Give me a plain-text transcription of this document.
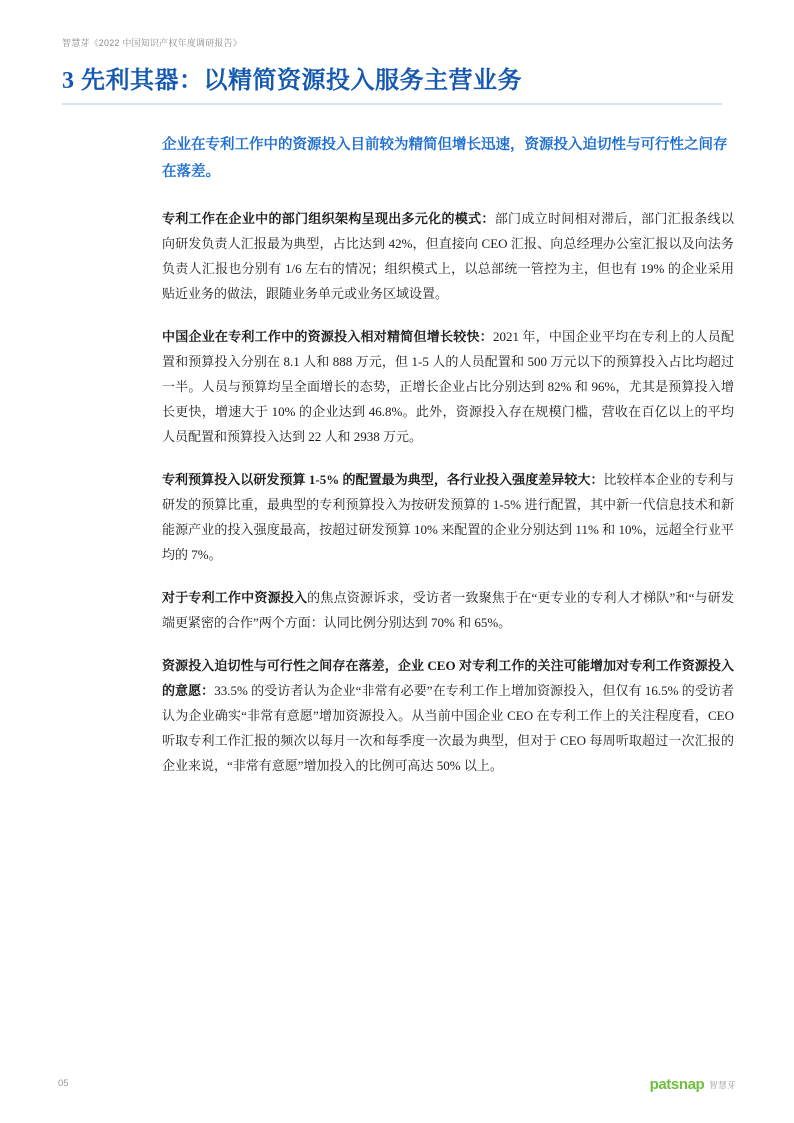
智慧芽《2022 中国知识产权年度调研报告》
3 先利其器：以精简资源投入服务主营业务
企业在专利工作中的资源投入目前较为精简但增长迅速，资源投入迫切性与可行性之间存在落差。

专利工作在企业中的部门组织架构呈现出多元化的模式：部门成立时间相对滞后，部门汇报条线以向研发负责人汇报最为典型，占比达到 42%，但直接向 CEO 汇报、向总经理办公室汇报以及向法务负责人汇报也分别有 1/6 左右的情况；组织模式上，以总部统一管控为主，但也有 19% 的企业采用贴近业务的做法，跟随业务单元或业务区域设置。

中国企业在专利工作中的资源投入相对精简但增长较快：2021 年，中国企业平均在专利上的人员配置和预算投入分别在 8.1 人和 888 万元，但 1-5 人的人员配置和 500 万元以下的预算投入占比均超过一半。人员与预算均呈全面增长的态势，正增长企业占比分别达到 82% 和 96%，尤其是预算投入增长更快，增速大于 10% 的企业达到 46.8%。此外，资源投入存在规模门槛，营收在百亿以上的平均人员配置和预算投入达到 22 人和 2938 万元。

专利预算投入以研发预算 1-5% 的配置最为典型，各行业投入强度差异较大：比较样本企业的专利与研发的预算比重，最典型的专利预算投入为按研发预算的 1-5% 进行配置，其中新一代信息技术和新能源产业的投入强度最高，按超过研发预算 10% 来配置的企业分别达到 11% 和 10%，远超全行业平均的 7%。

对于专利工作中资源投入的焦点资源诉求，受访者一致聚焦于在“更专业的专利人才梯队”和“与研发端更紧密的合作”两个方面：认同比例分别达到 70% 和 65%。

资源投入迫切性与可行性之间存在落差，企业 CEO 对专利工作的关注可能增加对专利工作资源投入的意愿：33.5% 的受访者认为企业“非常有必要”在专利工作上增加资源投入，但仅有 16.5% 的受访者认为企业确实“非常有意愿”增加资源投入。从当前中国企业 CEO 在专利工作上的关注程度看，CEO 听取专利工作汇报的频次以每月一次和每季度一次最为典型，但对于 CEO 每周听取超过一次汇报的企业来说，“非常有意愿”增加投入的比例可高达 50% 以上。

05	patsnap 智慧芽
